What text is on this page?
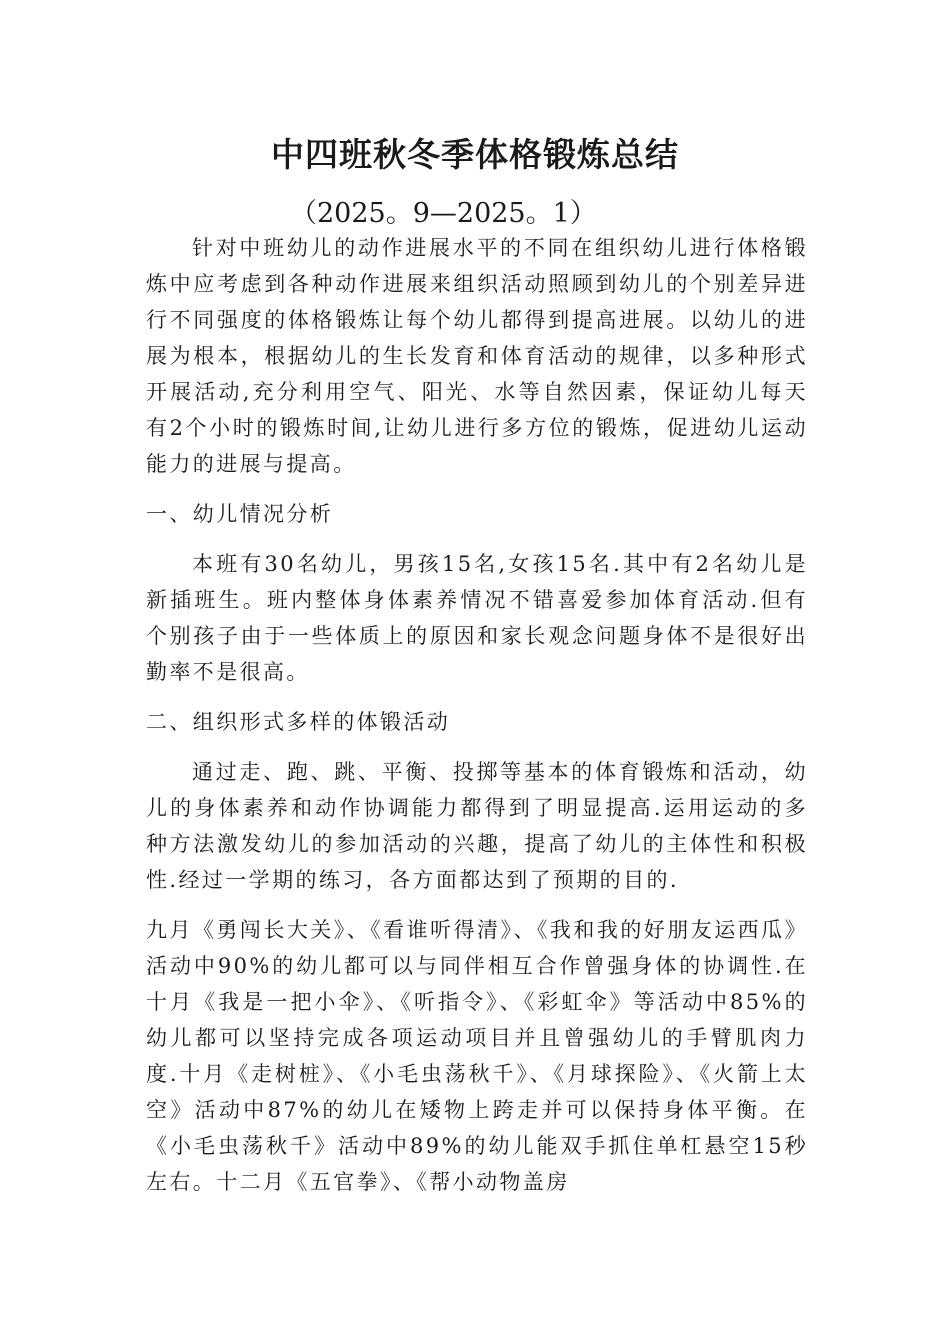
中四班秋冬季体格锻炼总结

（2025。9—2025。1）

针对中班幼儿的动作进展水平的不同在组织幼儿进行体格锻炼中应考虑到各种动作进展来组织活动照顾到幼儿的个别差异进行不同强度的体格锻炼让每个幼儿都得到提高进展。以幼儿的进展为根本，根据幼儿的生长发育和体育活动的规律，以多种形式开展活动,充分利用空气、阳光、水等自然因素，保证幼儿每天有2个小时的锻炼时间,让幼儿进行多方位的锻炼，促进幼儿运动能力的进展与提高。

一、幼儿情况分析

本班有30名幼儿，男孩15名,女孩15名.其中有2名幼儿是新插班生。班内整体身体素养情况不错喜爱参加体育活动.但有个别孩子由于一些体质上的原因和家长观念问题身体不是很好出勤率不是很高。

二、组织形式多样的体锻活动

通过走、跑、跳、平衡、投掷等基本的体育锻炼和活动，幼儿的身体素养和动作协调能力都得到了明显提高.运用运动的多种方法激发幼儿的参加活动的兴趣，提高了幼儿的主体性和积极性.经过一学期的练习，各方面都达到了预期的目的.

九月《勇闯长大关》、《看谁听得清》、《我和我的好朋友运西瓜》活动中90%的幼儿都可以与同伴相互合作曾强身体的协调性.在十月《我是一把小伞》、《听指令》、《彩虹伞》等活动中85%的幼儿都可以坚持完成各项运动项目并且曾强幼儿的手臂肌肉力度.十月《走树桩》、《小毛虫荡秋千》、《月球探险》、《火箭上太空》活动中87%的幼儿在矮物上跨走并可以保持身体平衡。在《小毛虫荡秋千》活动中89%的幼儿能双手抓住单杠悬空15秒左右。十二月《五官拳》、《帮小动物盖房
